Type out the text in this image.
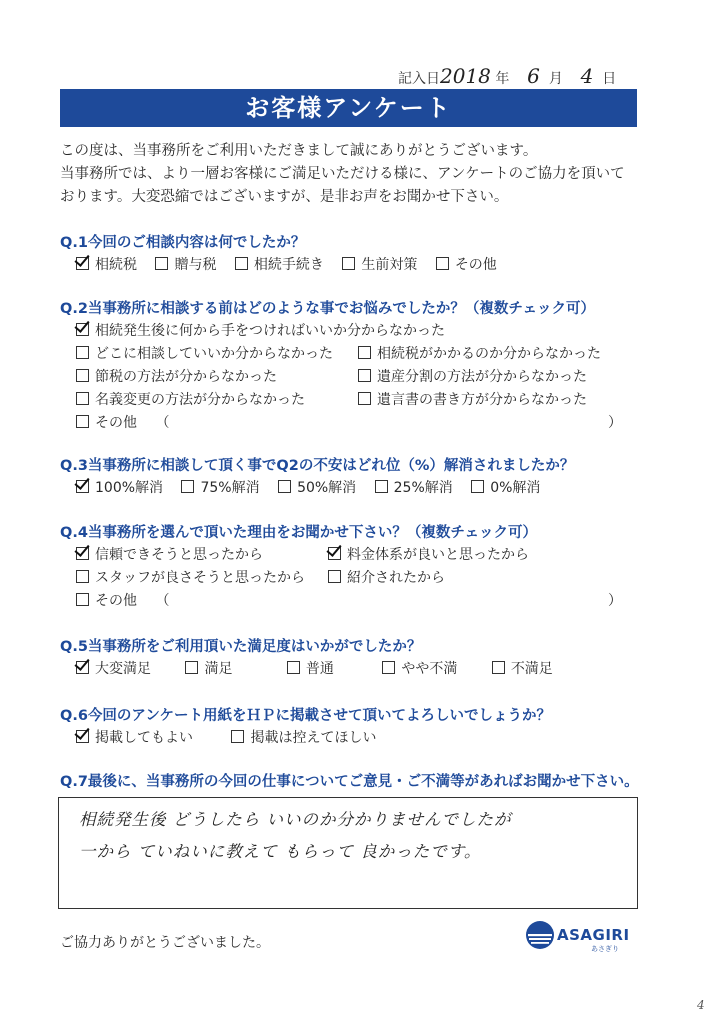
記入日2018 年 6 月 4 日
お客様アンケート

この度は、当事務所をご利用いただきまして誠にありがとうございます。

当事務所では、より一層お客様にご満足いただける様に、アンケートのご協力を頂いて

おります。大変恐縮ではございますが、是非お声をお聞かせ下さい。

Q.1今回のご相談内容は何でしたか？
相続税	贈与税	相続手続き	生前対策	その他
Q.2当事務所に相談する前はどのような事でお悩みでしたか？（複数チェック可）
相続発生後に何から手をつければいいか分からなかった
どこに相談していいか分からなかった	相続税がかかるのか分からなかった
節税の方法が分からなかった	遺産分割の方法が分からなかった
名義変更の方法が分からなかった	遺言書の書き方が分からなかった
その他 （	）
Q.3当事務所に相談して頂く事でQ2の不安はどれ位（%）解消されましたか？
100%解消	75%解消	50%解消	25%解消	0%解消
Q.4当事務所を選んで頂いた理由をお聞かせ下さい？（複数チェック可）
信頼できそうと思ったから	料金体系が良いと思ったから
スタッフが良さそうと思ったから	紹介されたから
その他 （	）
Q.5当事務所をご利用頂いた満足度はいかがでしたか？
大変満足	満足	普通	やや不満	不満足
Q.6今回のアンケート用紙をＨＰに掲載させて頂いてよろしいでしょうか？
掲載してもよい	掲載は控えてほしい
Q.7最後に、当事務所の今回の仕事についてご意見・ご不満等があればお聞かせ下さい。
相続発生後 どうしたら いいのか分かりませんでしたが
一から ていねいに教えて もらって 良かったです。
ご協力ありがとうございました。	ASAGIRI
あさぎり
4
